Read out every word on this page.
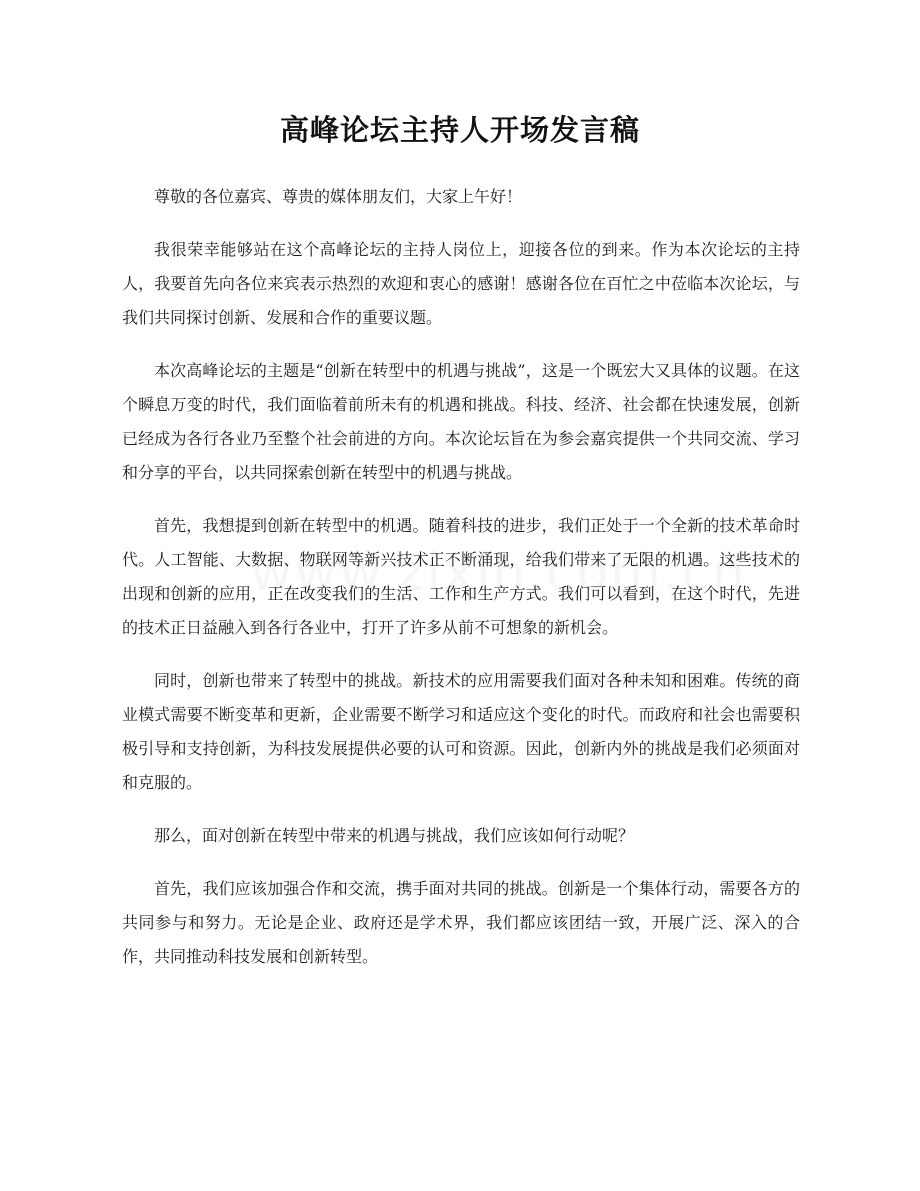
高峰论坛主持人开场发言稿

尊敬的各位嘉宾、尊贵的媒体朋友们，大家上午好！

我很荣幸能够站在这个高峰论坛的主持人岗位上，迎接各位的到来。作为本次论坛的主持人，我要首先向各位来宾表示热烈的欢迎和衷心的感谢！感谢各位在百忙之中莅临本次论坛，与我们共同探讨创新、发展和合作的重要议题。

本次高峰论坛的主题是“创新在转型中的机遇与挑战”，这是一个既宏大又具体的议题。在这个瞬息万变的时代，我们面临着前所未有的机遇和挑战。科技、经济、社会都在快速发展，创新已经成为各行各业乃至整个社会前进的方向。本次论坛旨在为参会嘉宾提供一个共同交流、学习和分享的平台，以共同探索创新在转型中的机遇与挑战。

首先，我想提到创新在转型中的机遇。随着科技的进步，我们正处于一个全新的技术革命时代。人工智能、大数据、物联网等新兴技术正不断涌现，给我们带来了无限的机遇。这些技术的出现和创新的应用，正在改变我们的生活、工作和生产方式。我们可以看到，在这个时代，先进的技术正日益融入到各行各业中，打开了许多从前不可想象的新机会。

同时，创新也带来了转型中的挑战。新技术的应用需要我们面对各种未知和困难。传统的商业模式需要不断变革和更新，企业需要不断学习和适应这个变化的时代。而政府和社会也需要积极引导和支持创新，为科技发展提供必要的认可和资源。因此，创新内外的挑战是我们必须面对和克服的。

那么，面对创新在转型中带来的机遇与挑战，我们应该如何行动呢？

首先，我们应该加强合作和交流，携手面对共同的挑战。创新是一个集体行动，需要各方的共同参与和努力。无论是企业、政府还是学术界，我们都应该团结一致，开展广泛、深入的合作，共同推动科技发展和创新转型。
